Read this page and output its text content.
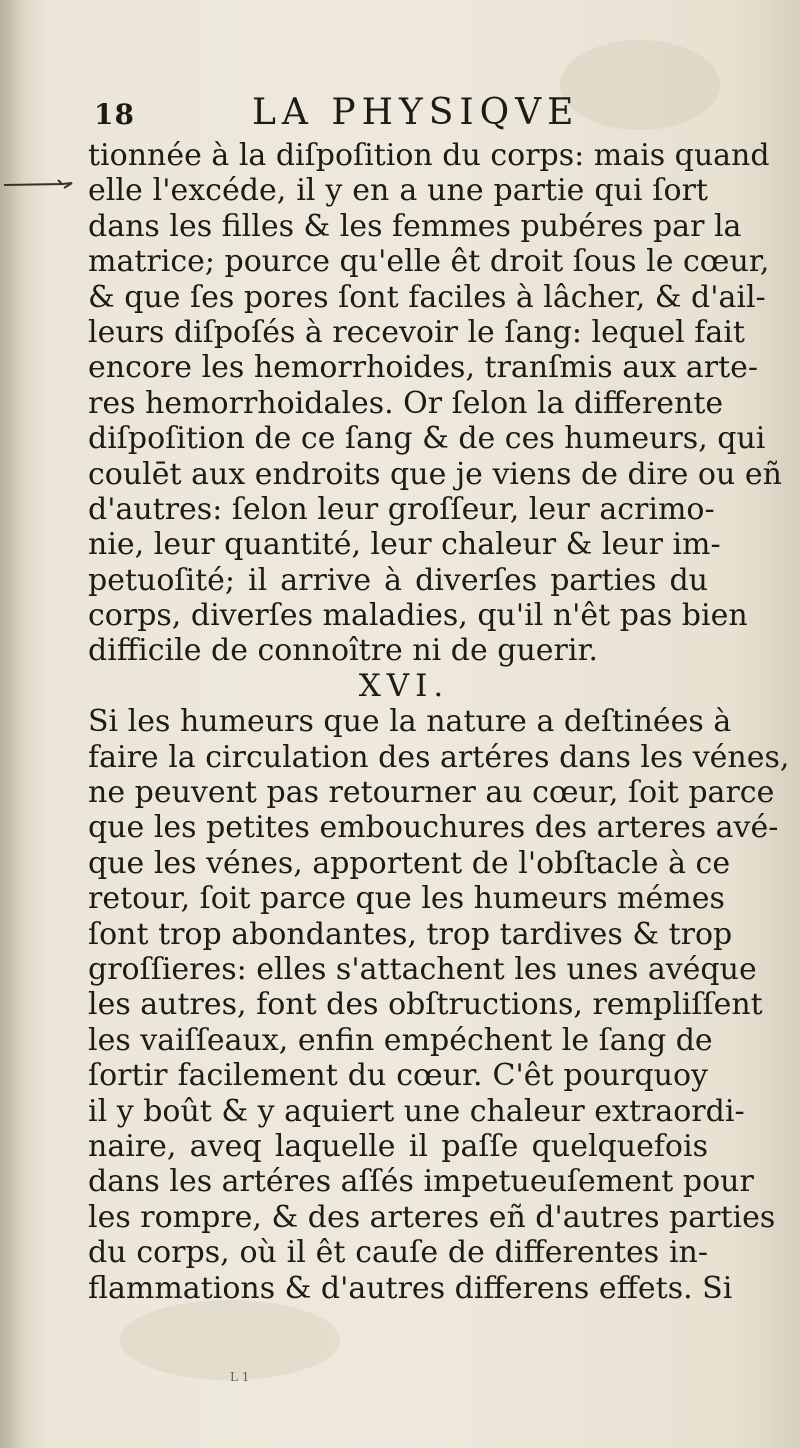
18	LA PHYSIQVE
tionnée à la diſpoſition du corps: mais quand
elle l'excéde, il y en a une partie qui ſort
dans les filles & les femmes pubéres par la
matrice; pource qu'elle êt droit ſous le cœur,
& que ſes pores ſont faciles à lâcher, & d'ail-
leurs diſpoſés à recevoir le ſang: lequel fait
encore les hemorrhoides, tranſmis aux arte-
res hemorrhoidales. Or ſelon la differente
diſpoſition de ce ſang & de ces humeurs, qui
coulēt aux endroits que je viens de dire ou eñ
d'autres: ſelon leur groſſeur, leur acrimo-
nie, leur quantité, leur chaleur & leur im-
petuoſité; il arrive à diverſes parties du
corps, diverſes maladies, qu'il n'êt pas bien
difficile de connoître ni de guerir.
XVI.
Si les humeurs que la nature a deſtinées à
faire la circulation des artéres dans les vénes,
ne peuvent pas retourner au cœur, ſoit parce
que les petites embouchures des arteres avé-
que les vénes, apportent de l'obſtacle à ce
retour, ſoit parce que les humeurs mémes
ſont trop abondantes, trop tardives & trop
groſſieres: elles s'attachent les unes avéque
les autres, font des obſtructions, rempliſſent
les vaiſſeaux, enfin empéchent le ſang de
ſortir facilement du cœur. C'êt pourquoy
il y boût & y aquiert une chaleur extraordi-
naire, aveq laquelle il paſſe quelquefois
dans les artéres aſſés impetueuſement pour
les rompre, & des arteres eñ d'autres parties
du corps, où il êt cauſe de differentes in-
flammations & d'autres differens effets. Si
L 1
